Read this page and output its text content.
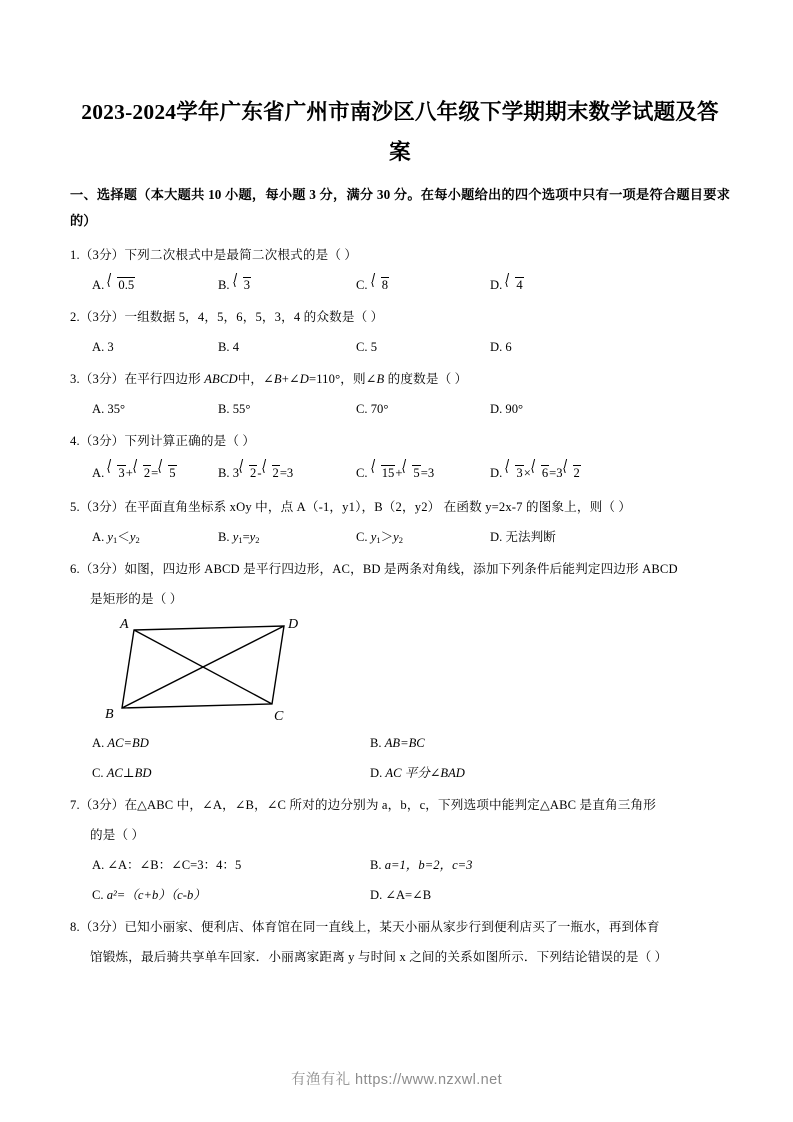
2023-2024学年广东省广州市南沙区八年级下学期期末数学试题及答案
一、选择题（本大题共 10 小题，每小题 3 分，满分 30 分。在每小题给出的四个选项中只有一项是符合题目要求的）
1.（3分）下列二次根式中是最简二次根式的是（ ）
A. 0.5	B. 3	C. 8	D. 4
2.（3分）一组数据 5，4，5，6，5，3，4 的众数是（ ）
A. 3	B. 4	C. 5	D. 6
3.（3分）在平行四边形 ABCD中，∠B+∠D=110°，则∠B 的度数是（ ）
A. 35°	B. 55°	C. 70°	D. 90°
4.（3分）下列计算正确的是（ ）
A. 3+ 2= 5	B. 3 2- 2=3	C. 15+ 5=3	D. 3× 6=3 2
5.（3分）在平面直角坐标系 xOy 中，点 A（-1，y1），B（2，y2） 在函数 y=2x-7 的图象上，则（ ）
A. $y_1<y_2$	B. $y_1=y_2$	C. $y_1>y_2$	D. 无法判断
6.（3分）如图，四边形 ABCD 是平行四边形，AC，BD 是两条对角线，添加下列条件后能判定四边形 ABCD
是矩形的是（ ）
A	D
C
B
A. AC=BD	B. AB=BC
C. AC⊥BD	D. AC 平分∠BAD
7.（3分）在△ABC 中，∠A，∠B，∠C 所对的边分别为 a，b，c，下列选项中能判定△ABC 是直角三角形
的是（ ）
A. ∠A：∠B：∠C=3：4：5	B. a=1，b=2，c=3
C. a²=（c+b）（c-b）	D. ∠A=∠B
8.（3分）已知小丽家、便利店、体育馆在同一直线上，某天小丽从家步行到便利店买了一瓶水，再到体育
馆锻炼，最后骑共享单车回家．小丽离家距离 y 与时间 x 之间的关系如图所示．下列结论错误的是（ ）
有渔有礼 https://www.nzxwl.net
